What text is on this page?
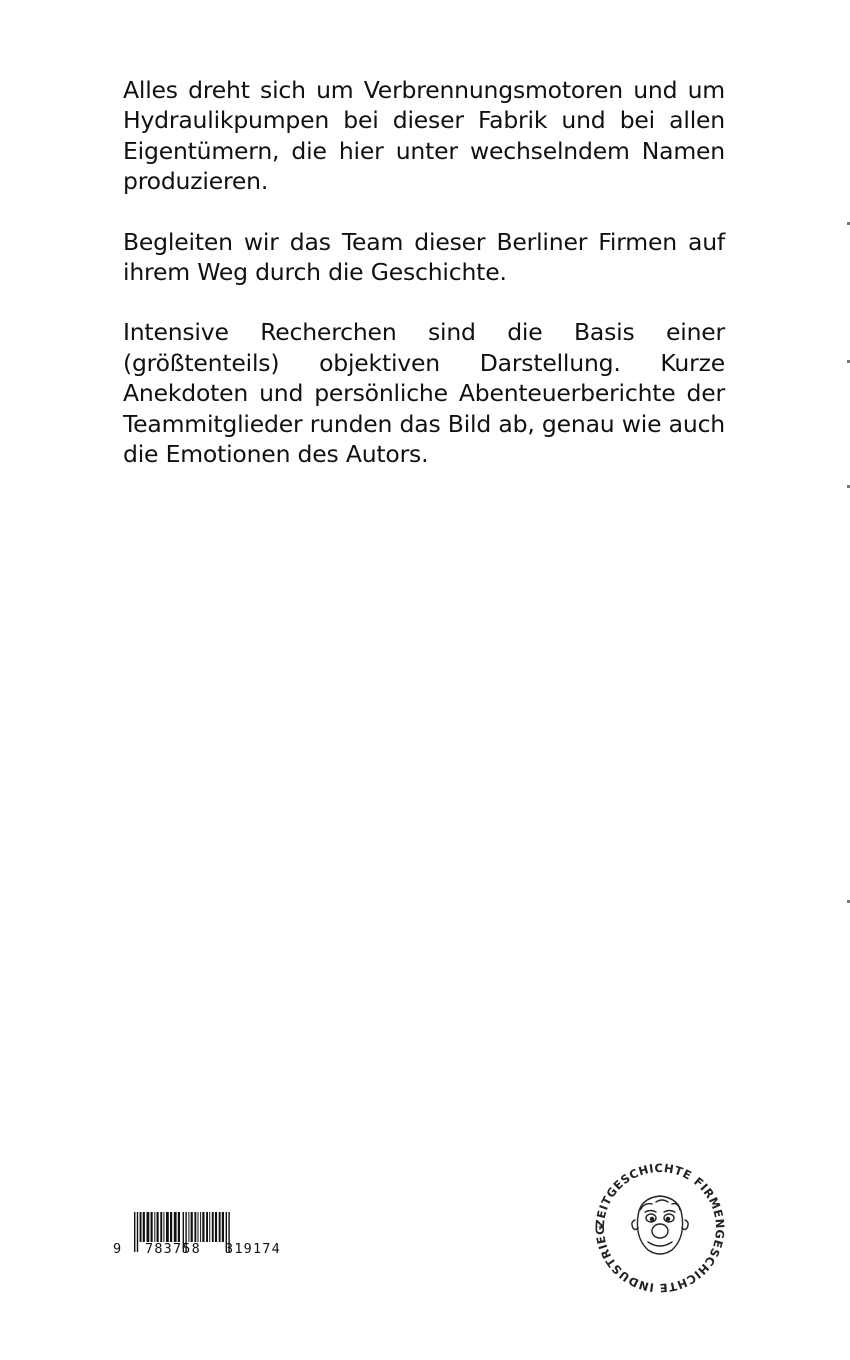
Alles dreht sich um Verbrennungsmotoren und um Hydraulikpumpen bei dieser Fabrik und bei allen Eigentümern, die hier unter wechselndem Namen produzieren.

Begleiten wir das Team dieser Berliner Firmen auf ihrem Weg durch die Geschichte.

Intensive Recherchen sind die Basis einer (größtenteils) objektiven Darstellung. Kurze Anekdoten und persönliche Abenteuerberichte der Teammitglieder runden das Bild ab, genau wie auch die Emotionen des Autors.

9 783758 319174
ZEITGESCHICHTE FIRMENGESCHICHTE INDUSTRIEG
